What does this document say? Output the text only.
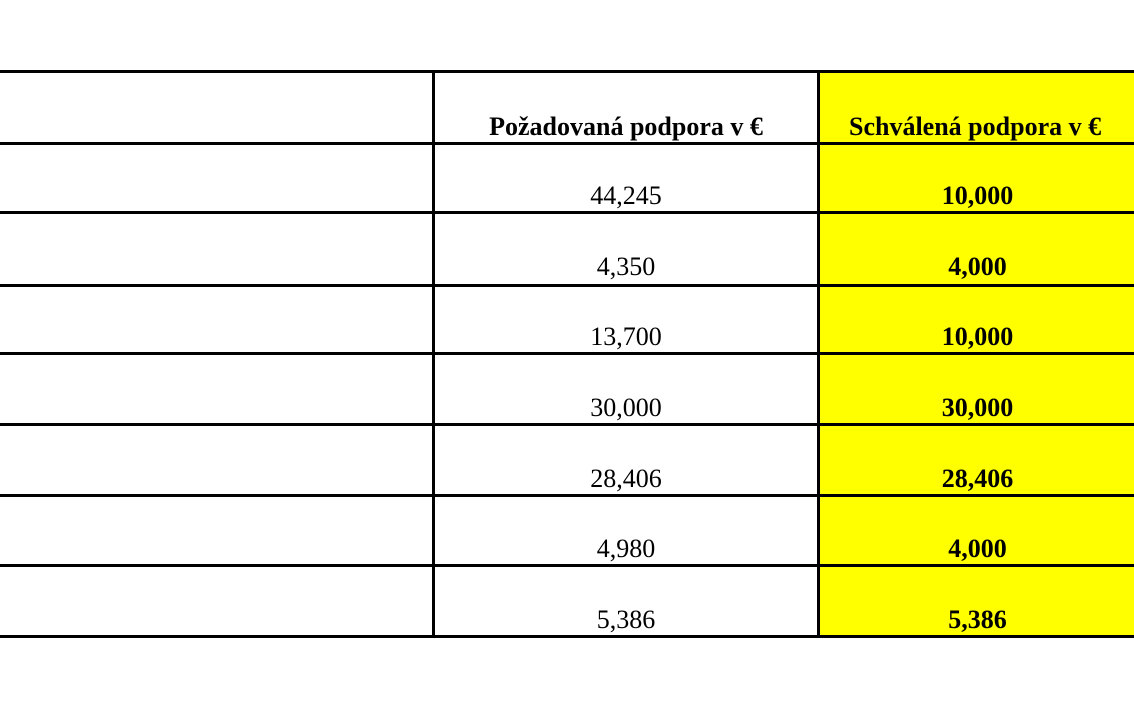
Požadovaná podpora v €	Schválená podpora v €
44,245	10,000
4,350	4,000
13,700	10,000
30,000	30,000
28,406	28,406
4,980	4,000
5,386	5,386
